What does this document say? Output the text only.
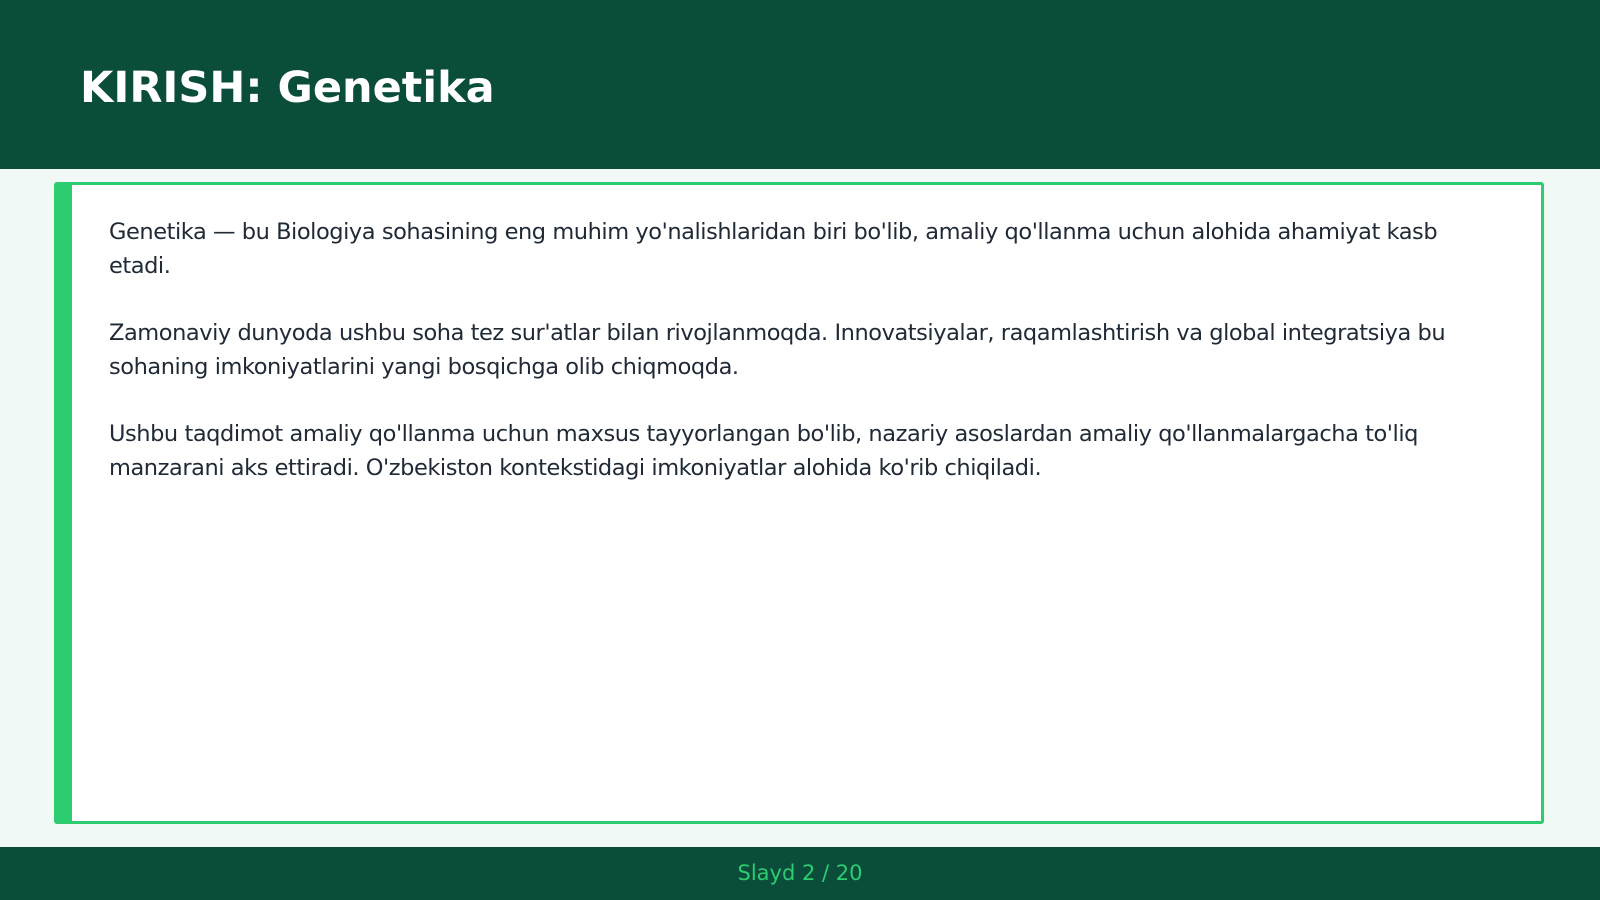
KIRISH: Genetika

Genetika — bu Biologiya sohasining eng muhim yo'nalishlaridan biri bo'lib, amaliy qo'llanma uchun alohida ahamiyat kasb etadi.

Zamonaviy dunyoda ushbu soha tez sur'atlar bilan rivojlanmoqda. Innovatsiyalar, raqamlashtirish va global integratsiya bu sohaning imkoniyatlarini yangi bosqichga olib chiqmoqda.

Ushbu taqdimot amaliy qo'llanma uchun maxsus tayyorlangan bo'lib, nazariy asoslardan amaliy qo'llanmalargacha to'liq manzarani aks ettiradi. O'zbekiston kontekstidagi imkoniyatlar alohida ko'rib chiqiladi.

Slayd 2 / 20
